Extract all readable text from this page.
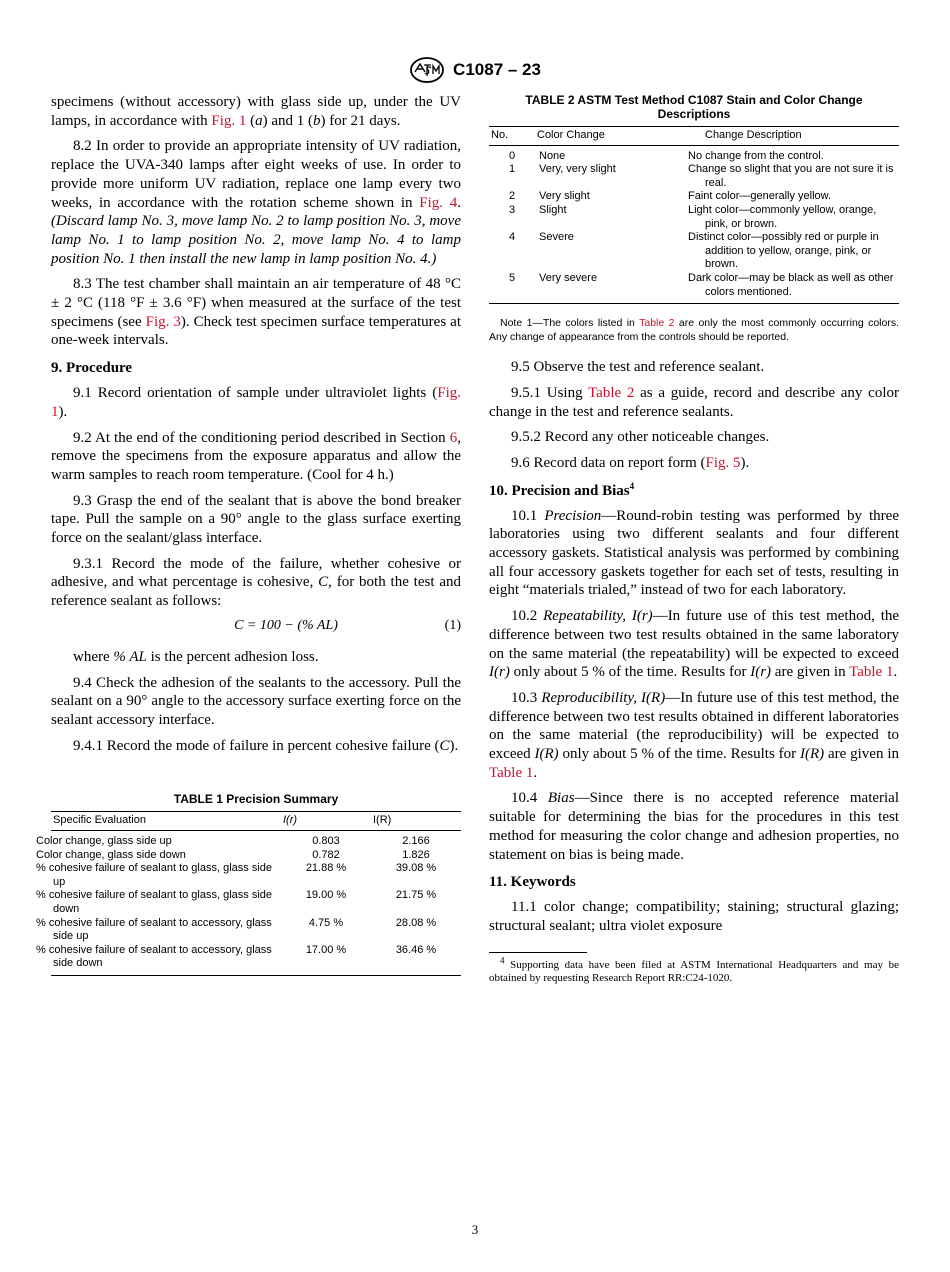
C1087 – 23

specimens (without accessory) with glass side up, under the UV lamps, in accordance with Fig. 1 (a) and 1 (b) for 21 days.

8.2 In order to provide an appropriate intensity of UV radiation, replace the UVA-340 lamps after eight weeks of use. In order to provide more uniform UV radiation, replace one lamp every two weeks, in accordance with the rotation scheme shown in Fig. 4. (Discard lamp No. 3, move lamp No. 2 to lamp position No. 3, move lamp No. 1 to lamp position No. 2, move lamp No. 4 to lamp position No. 1 then install the new lamp in lamp position No. 4.)

8.3 The test chamber shall maintain an air temperature of 48 °C ± 2 °C (118 °F ± 3.6 °F) when measured at the surface of the test specimens (see Fig. 3). Check test specimen surface temperatures at one-week intervals.

9. Procedure

9.1 Record orientation of sample under ultraviolet lights (Fig. 1).

9.2 At the end of the conditioning period described in Section 6, remove the specimens from the exposure apparatus and allow the warm samples to reach room temperature. (Cool for 4 h.)

9.3 Grasp the end of the sealant that is above the bond breaker tape. Pull the sample on a 90° angle to the glass surface exerting force on the sealant/glass interface.

9.3.1 Record the mode of the failure, whether cohesive or adhesive, and what percentage is cohesive, C, for both the test and reference sealant as follows:

C = 100 − (% AL)	(1)

where % AL is the percent adhesion loss.

9.4 Check the adhesion of the sealants to the accessory. Pull the sealant on a 90° angle to the accessory surface exerting force on the sealant accessory interface.

9.4.1 Record the mode of failure in percent cohesive failure (C).

TABLE 1 Precision Summary
Specific Evaluation	I(r)	I(R)
Color change, glass side up	0.803	2.166
Color change, glass side down	0.782	1.826
% cohesive failure of sealant to glass, glass side up	21.88 %	39.08 %
% cohesive failure of sealant to glass, glass side down	19.00 %	21.75 %
% cohesive failure of sealant to accessory, glass side up	4.75 %	28.08 %
% cohesive failure of sealant to accessory, glass side down	17.00 %	36.46 %
TABLE 2 ASTM Test Method C1087 Stain and Color Change Descriptions
No.	Color Change	Change Description
0	None	No change from the control.
1	Very, very slight	Change so slight that you are not sure it is real.
2	Very slight	Faint color—generally yellow.
3	Slight	Light color—commonly yellow, orange, pink, or brown.
4	Severe	Distinct color—possibly red or purple in addition to yellow, orange, pink, or brown.
5	Very severe	Dark color—may be black as well as other colors mentioned.
Note 1—The colors listed in Table 2 are only the most commonly occurring colors. Any change of appearance from the controls should be reported.

9.5 Observe the test and reference sealant.

9.5.1 Using Table 2 as a guide, record and describe any color change in the test and reference sealants.

9.5.2 Record any other noticeable changes.

9.6 Record data on report form (Fig. 5).

10. Precision and Bias$^4$

10.1 Precision—Round-robin testing was performed by three laboratories using two different sealants and four different accessory gaskets. Statistical analysis was performed by combining all four accessory gaskets together for each set of tests, resulting in eight “materials trialed,” instead of two for each laboratory.

10.2 Repeatability, I(r)—In future use of this test method, the difference between two test results obtained in the same laboratory on the same material (the repeatability) will be expected to exceed I(r) only about 5 % of the time. Results for I(r) are given in Table 1.

10.3 Reproducibility, I(R)—In future use of this test method, the difference between two test results obtained in different laboratories on the same material (the reproducibility) will be expected to exceed I(R) only about 5 % of the time. Results for I(R) are given in Table 1.

10.4 Bias—Since there is no accepted reference material suitable for determining the bias for the procedures in this test method for measuring the color change and adhesion properties, no statement on bias is being made.

11. Keywords

11.1 color change; compatibility; staining; structural glazing; structural sealant; ultra violet exposure

$^4$ Supporting data have been filed at ASTM International Headquarters and may be obtained by requesting Research Report RR:C24-1020.
3
